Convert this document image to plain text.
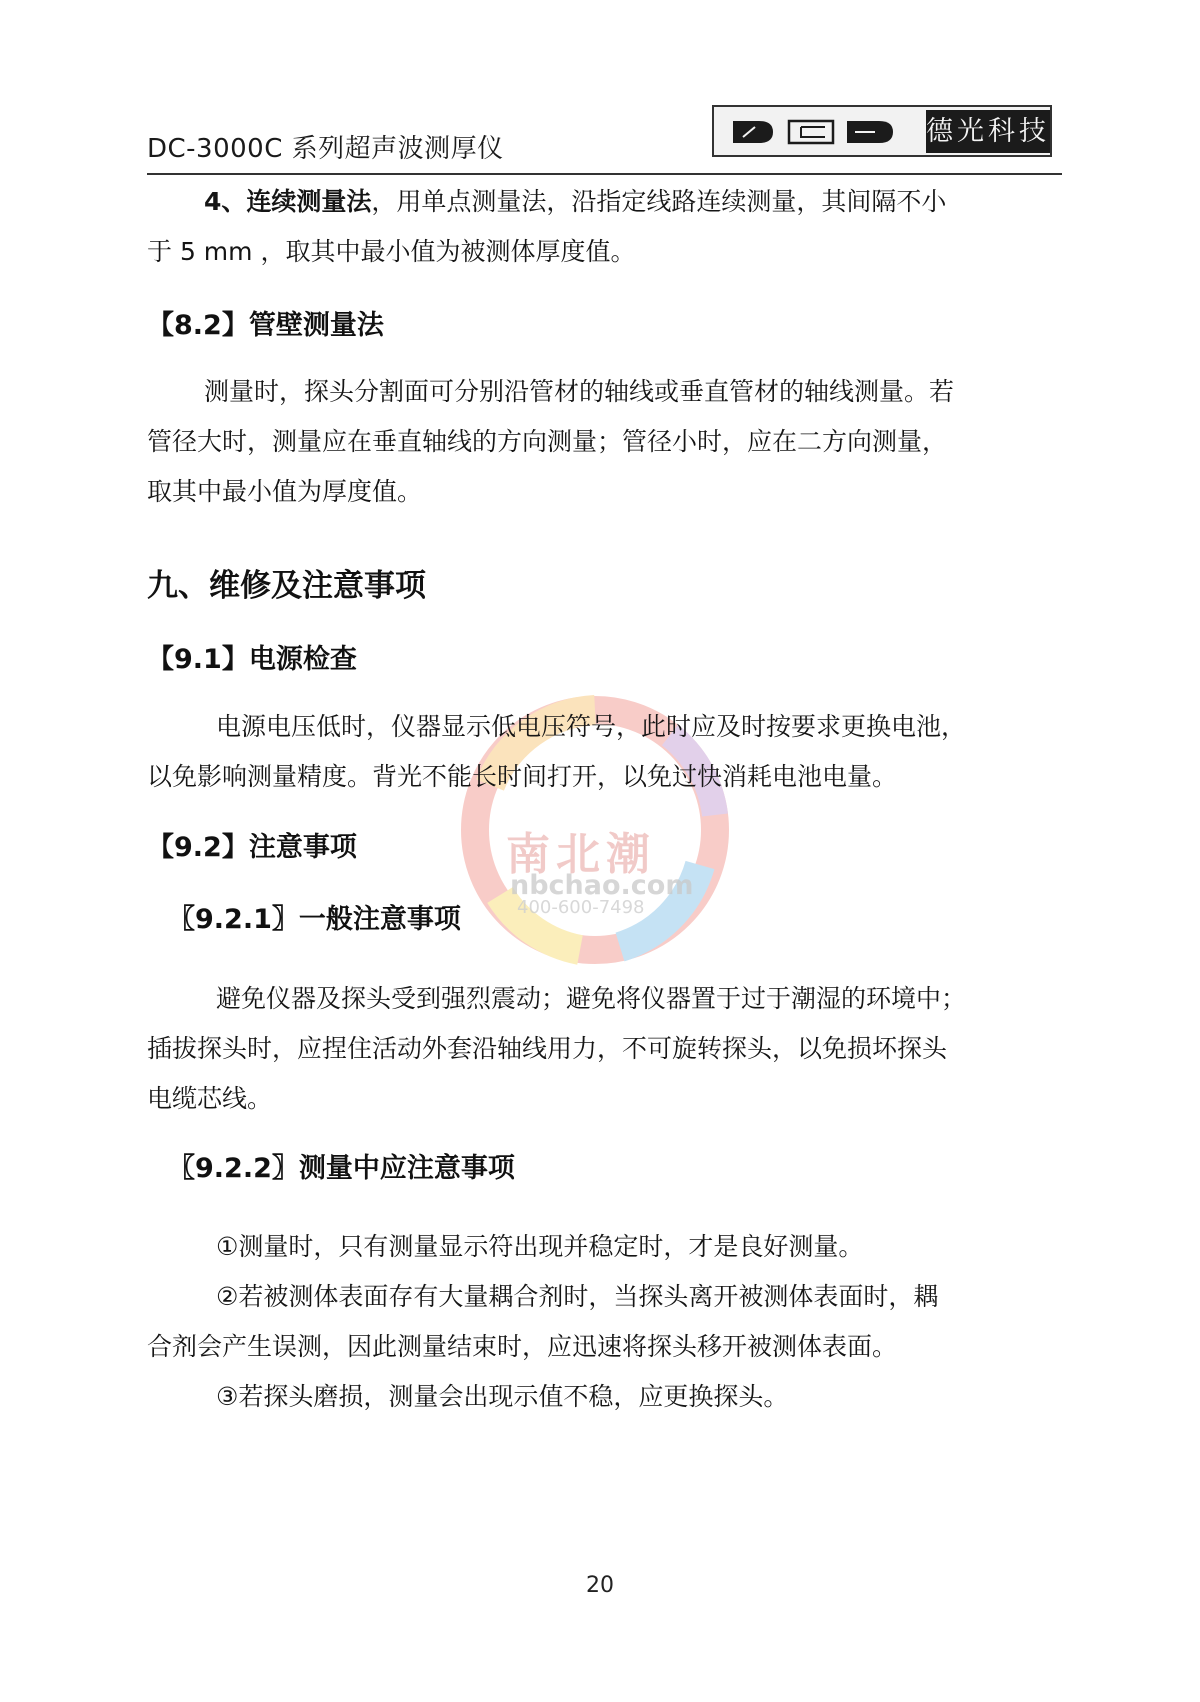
DC-3000C 系列超声波测厚仪
德光科技
南北潮
nbchao.com
400-600-7498
4、连续测量法，用单点测量法，沿指定线路连续测量，其间隔不小
于 5 mm ，取其中最小值为被测体厚度值。
【8.2】管壁测量法
测量时，探头分割面可分别沿管材的轴线或垂直管材的轴线测量。若
管径大时，测量应在垂直轴线的方向测量；管径小时，应在二方向测量，
取其中最小值为厚度值。
九、维修及注意事项
【9.1】电源检查
电源电压低时，仪器显示低电压符号，此时应及时按要求更换电池，
以免影响测量精度。背光不能长时间打开，以免过快消耗电池电量。
【9.2】注意事项
〖9.2.1〗一般注意事项
避免仪器及探头受到强烈震动；避免将仪器置于过于潮湿的环境中；
插拔探头时，应捏住活动外套沿轴线用力，不可旋转探头，以免损坏探头
电缆芯线。
〖9.2.2〗测量中应注意事项
①测量时，只有测量显示符出现并稳定时，才是良好测量。
②若被测体表面存有大量耦合剂时，当探头离开被测体表面时，耦
合剂会产生误测，因此测量结束时，应迅速将探头移开被测体表面。
③若探头磨损，测量会出现示值不稳，应更换探头。
20
